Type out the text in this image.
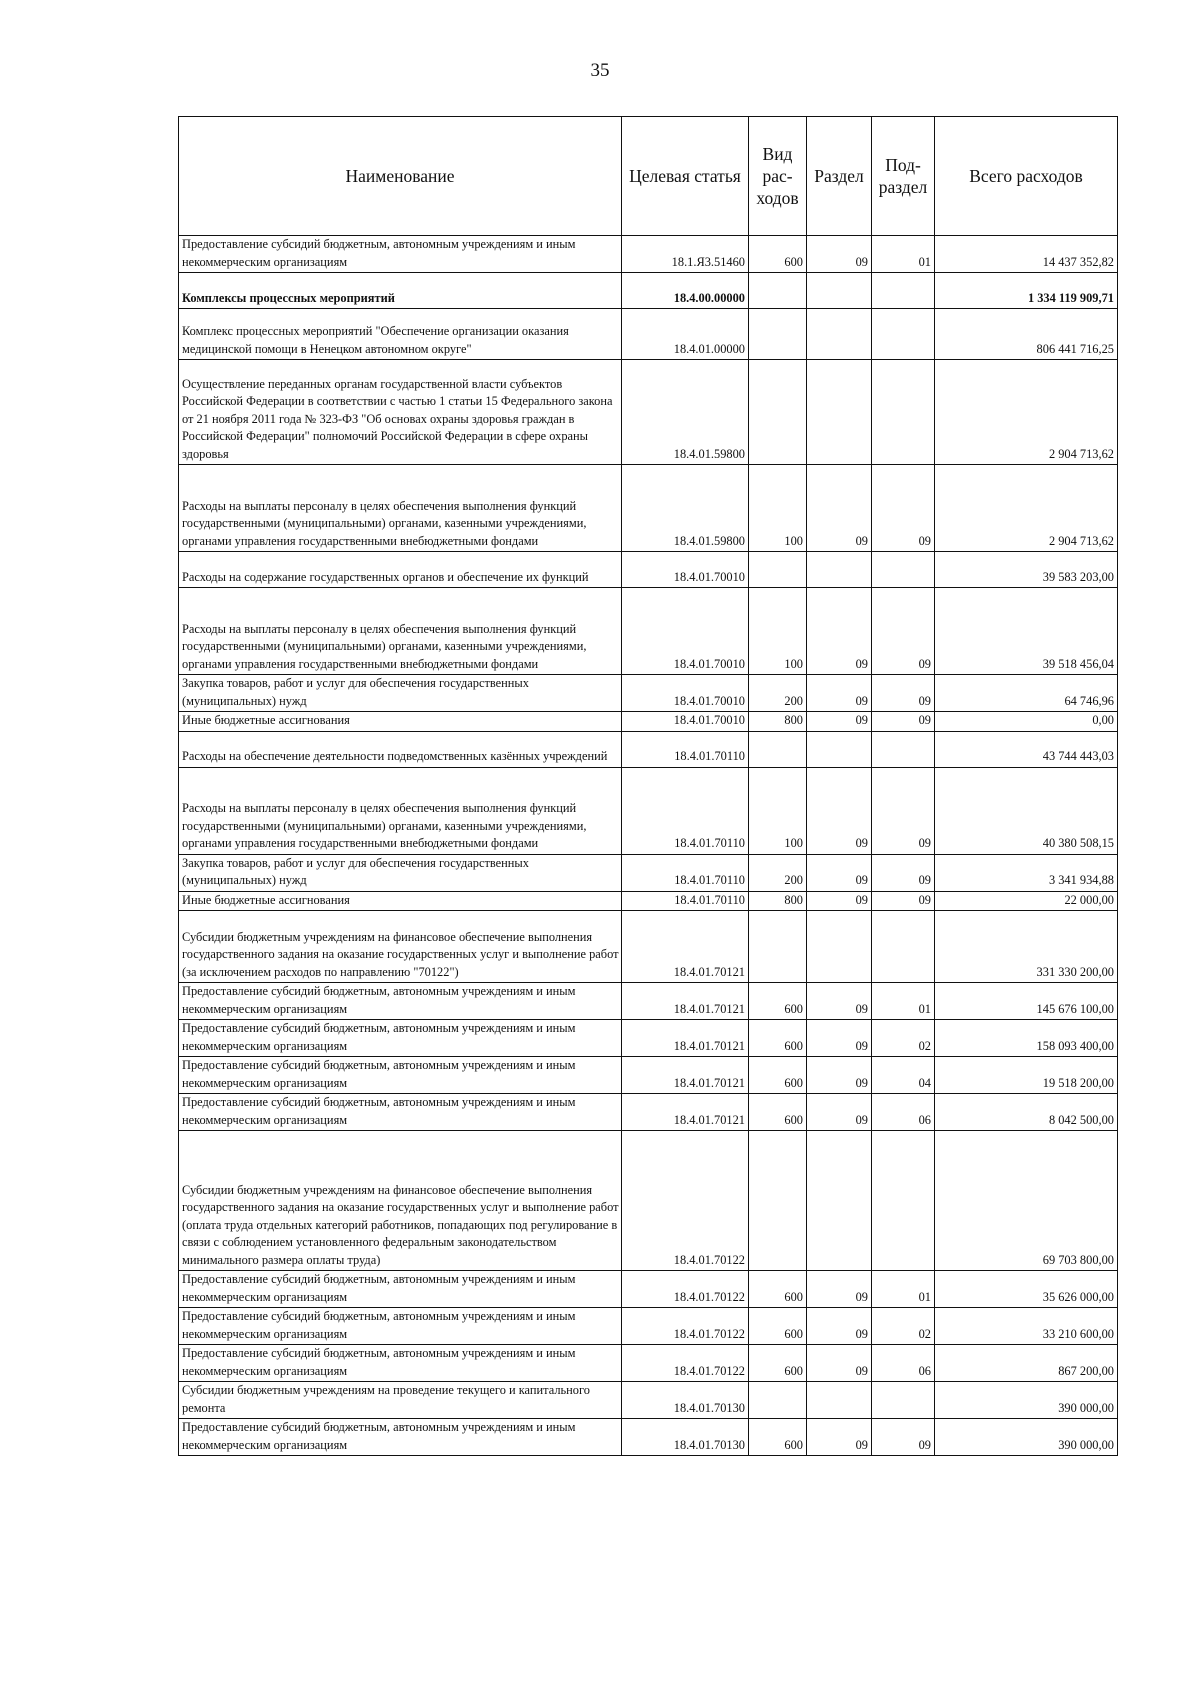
35
Наименование	Целевая статья	Вид рас-ходов	Раздел	Под-раздел	Всего расходов
Предоставление субсидий бюджетным, автономным учреждениям и иным некоммерческим организациям	18.1.Я3.51460	600	09	01	14 437 352,82
Комплексы процессных мероприятий	18.4.00.00000				1 334 119 909,71
Комплекс процессных мероприятий "Обеспечение организации оказания медицинской помощи в Ненецком автономном округе"	18.4.01.00000				806 441 716,25
Осуществление переданных органам государственной власти субъектов Российской Федерации в соответствии с частью 1 статьи 15 Федерального закона от 21 ноября 2011 года № 323-ФЗ "Об основах охраны здоровья граждан в Российской Федерации" полномочий Российской Федерации в сфере охраны здоровья	18.4.01.59800				2 904 713,62
Расходы на выплаты персоналу в целях обеспечения выполнения функций государственными (муниципальными) органами, казенными учреждениями, органами управления государственными внебюджетными фондами	18.4.01.59800	100	09	09	2 904 713,62
Расходы на содержание государственных органов и обеспечение их функций	18.4.01.70010				39 583 203,00
Расходы на выплаты персоналу в целях обеспечения выполнения функций государственными (муниципальными) органами, казенными учреждениями, органами управления государственными внебюджетными фондами	18.4.01.70010	100	09	09	39 518 456,04
Закупка товаров, работ и услуг для обеспечения государственных (муниципальных) нужд	18.4.01.70010	200	09	09	64 746,96
Иные бюджетные ассигнования	18.4.01.70010	800	09	09	0,00
Расходы на обеспечение деятельности подведомственных казённых учреждений	18.4.01.70110				43 744 443,03
Расходы на выплаты персоналу в целях обеспечения выполнения функций государственными (муниципальными) органами, казенными учреждениями, органами управления государственными внебюджетными фондами	18.4.01.70110	100	09	09	40 380 508,15
Закупка товаров, работ и услуг для обеспечения государственных (муниципальных) нужд	18.4.01.70110	200	09	09	3 341 934,88
Иные бюджетные ассигнования	18.4.01.70110	800	09	09	22 000,00
Субсидии бюджетным учреждениям на финансовое обеспечение выполнения государственного задания на оказание государственных услуг и выполнение работ (за исключением расходов по направлению "70122")	18.4.01.70121				331 330 200,00
Предоставление субсидий бюджетным, автономным учреждениям и иным некоммерческим организациям	18.4.01.70121	600	09	01	145 676 100,00
Предоставление субсидий бюджетным, автономным учреждениям и иным некоммерческим организациям	18.4.01.70121	600	09	02	158 093 400,00
Предоставление субсидий бюджетным, автономным учреждениям и иным некоммерческим организациям	18.4.01.70121	600	09	04	19 518 200,00
Предоставление субсидий бюджетным, автономным учреждениям и иным некоммерческим организациям	18.4.01.70121	600	09	06	8 042 500,00
Субсидии бюджетным учреждениям на финансовое обеспечение выполнения государственного задания на оказание государственных услуг и выполнение работ (оплата труда отдельных категорий работников, попадающих под регулирование в связи с соблюдением установленного федеральным законодательством минимального размера оплаты труда)	18.4.01.70122				69 703 800,00
Предоставление субсидий бюджетным, автономным учреждениям и иным некоммерческим организациям	18.4.01.70122	600	09	01	35 626 000,00
Предоставление субсидий бюджетным, автономным учреждениям и иным некоммерческим организациям	18.4.01.70122	600	09	02	33 210 600,00
Предоставление субсидий бюджетным, автономным учреждениям и иным некоммерческим организациям	18.4.01.70122	600	09	06	867 200,00
Субсидии бюджетным учреждениям на проведение текущего и капитального ремонта	18.4.01.70130				390 000,00
Предоставление субсидий бюджетным, автономным учреждениям и иным некоммерческим организациям	18.4.01.70130	600	09	09	390 000,00
